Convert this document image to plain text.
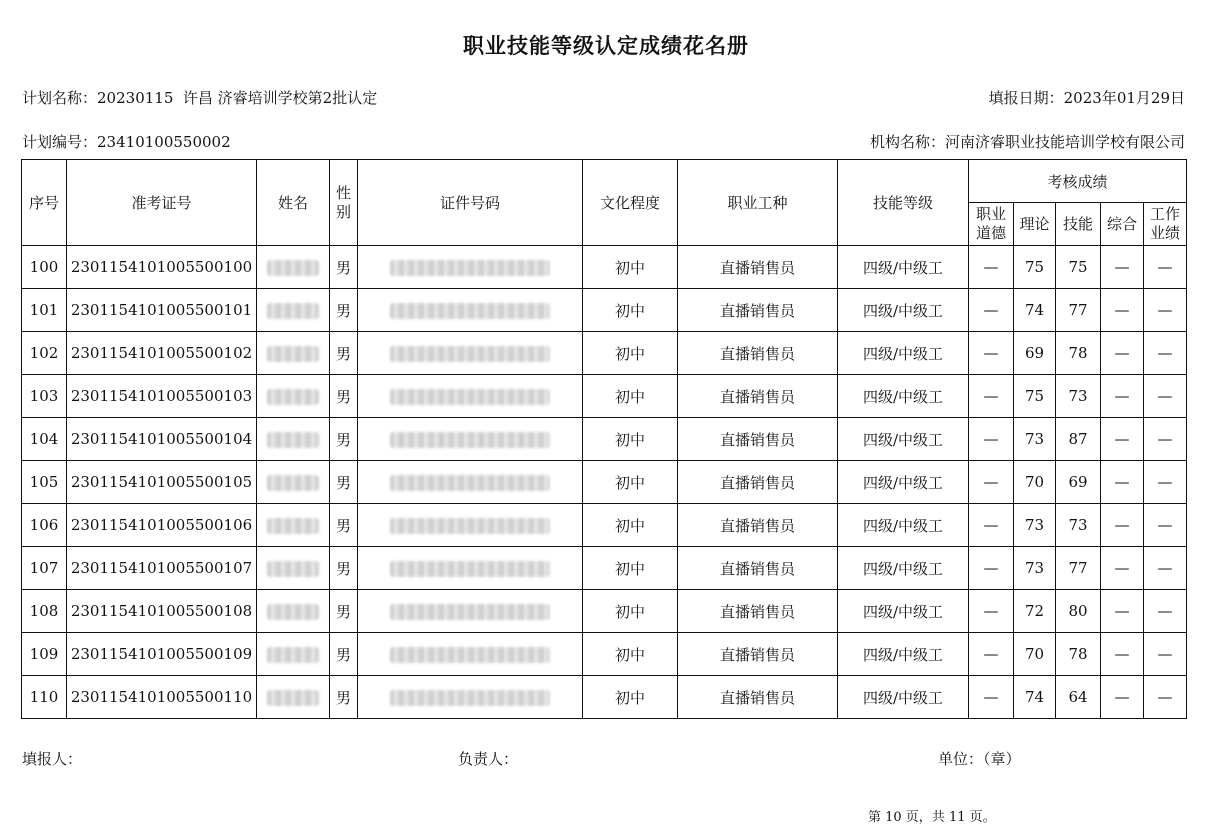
职业技能等级认定成绩花名册
计划名称：20230115  许昌 济睿培训学校第2批认定	填报日期：2023年01月29日
计划编号：23410100550002	机构名称：河南济睿职业技能培训学校有限公司
序号	准考证号	姓名	性别	证件号码	文化程度	职业工种	技能等级	考核成绩				
								职业道德	理论	技能	综合	工作业绩
100	2301154101005500100		男		初中	直播销售员	四级/中级工	—	75	75	—	—
101	2301154101005500101		男		初中	直播销售员	四级/中级工	—	74	77	—	—
102	2301154101005500102		男		初中	直播销售员	四级/中级工	—	69	78	—	—
103	2301154101005500103		男		初中	直播销售员	四级/中级工	—	75	73	—	—
104	2301154101005500104		男		初中	直播销售员	四级/中级工	—	73	87	—	—
105	2301154101005500105		男		初中	直播销售员	四级/中级工	—	70	69	—	—
106	2301154101005500106		男		初中	直播销售员	四级/中级工	—	73	73	—	—
107	2301154101005500107		男		初中	直播销售员	四级/中级工	—	73	77	—	—
108	2301154101005500108		男		初中	直播销售员	四级/中级工	—	72	80	—	—
109	2301154101005500109		男		初中	直播销售员	四级/中级工	—	70	78	—	—
110	2301154101005500110		男		初中	直播销售员	四级/中级工	—	74	64	—	—
填报人：	负责人：	单位：（章）
第 10 页，共 11 页。
